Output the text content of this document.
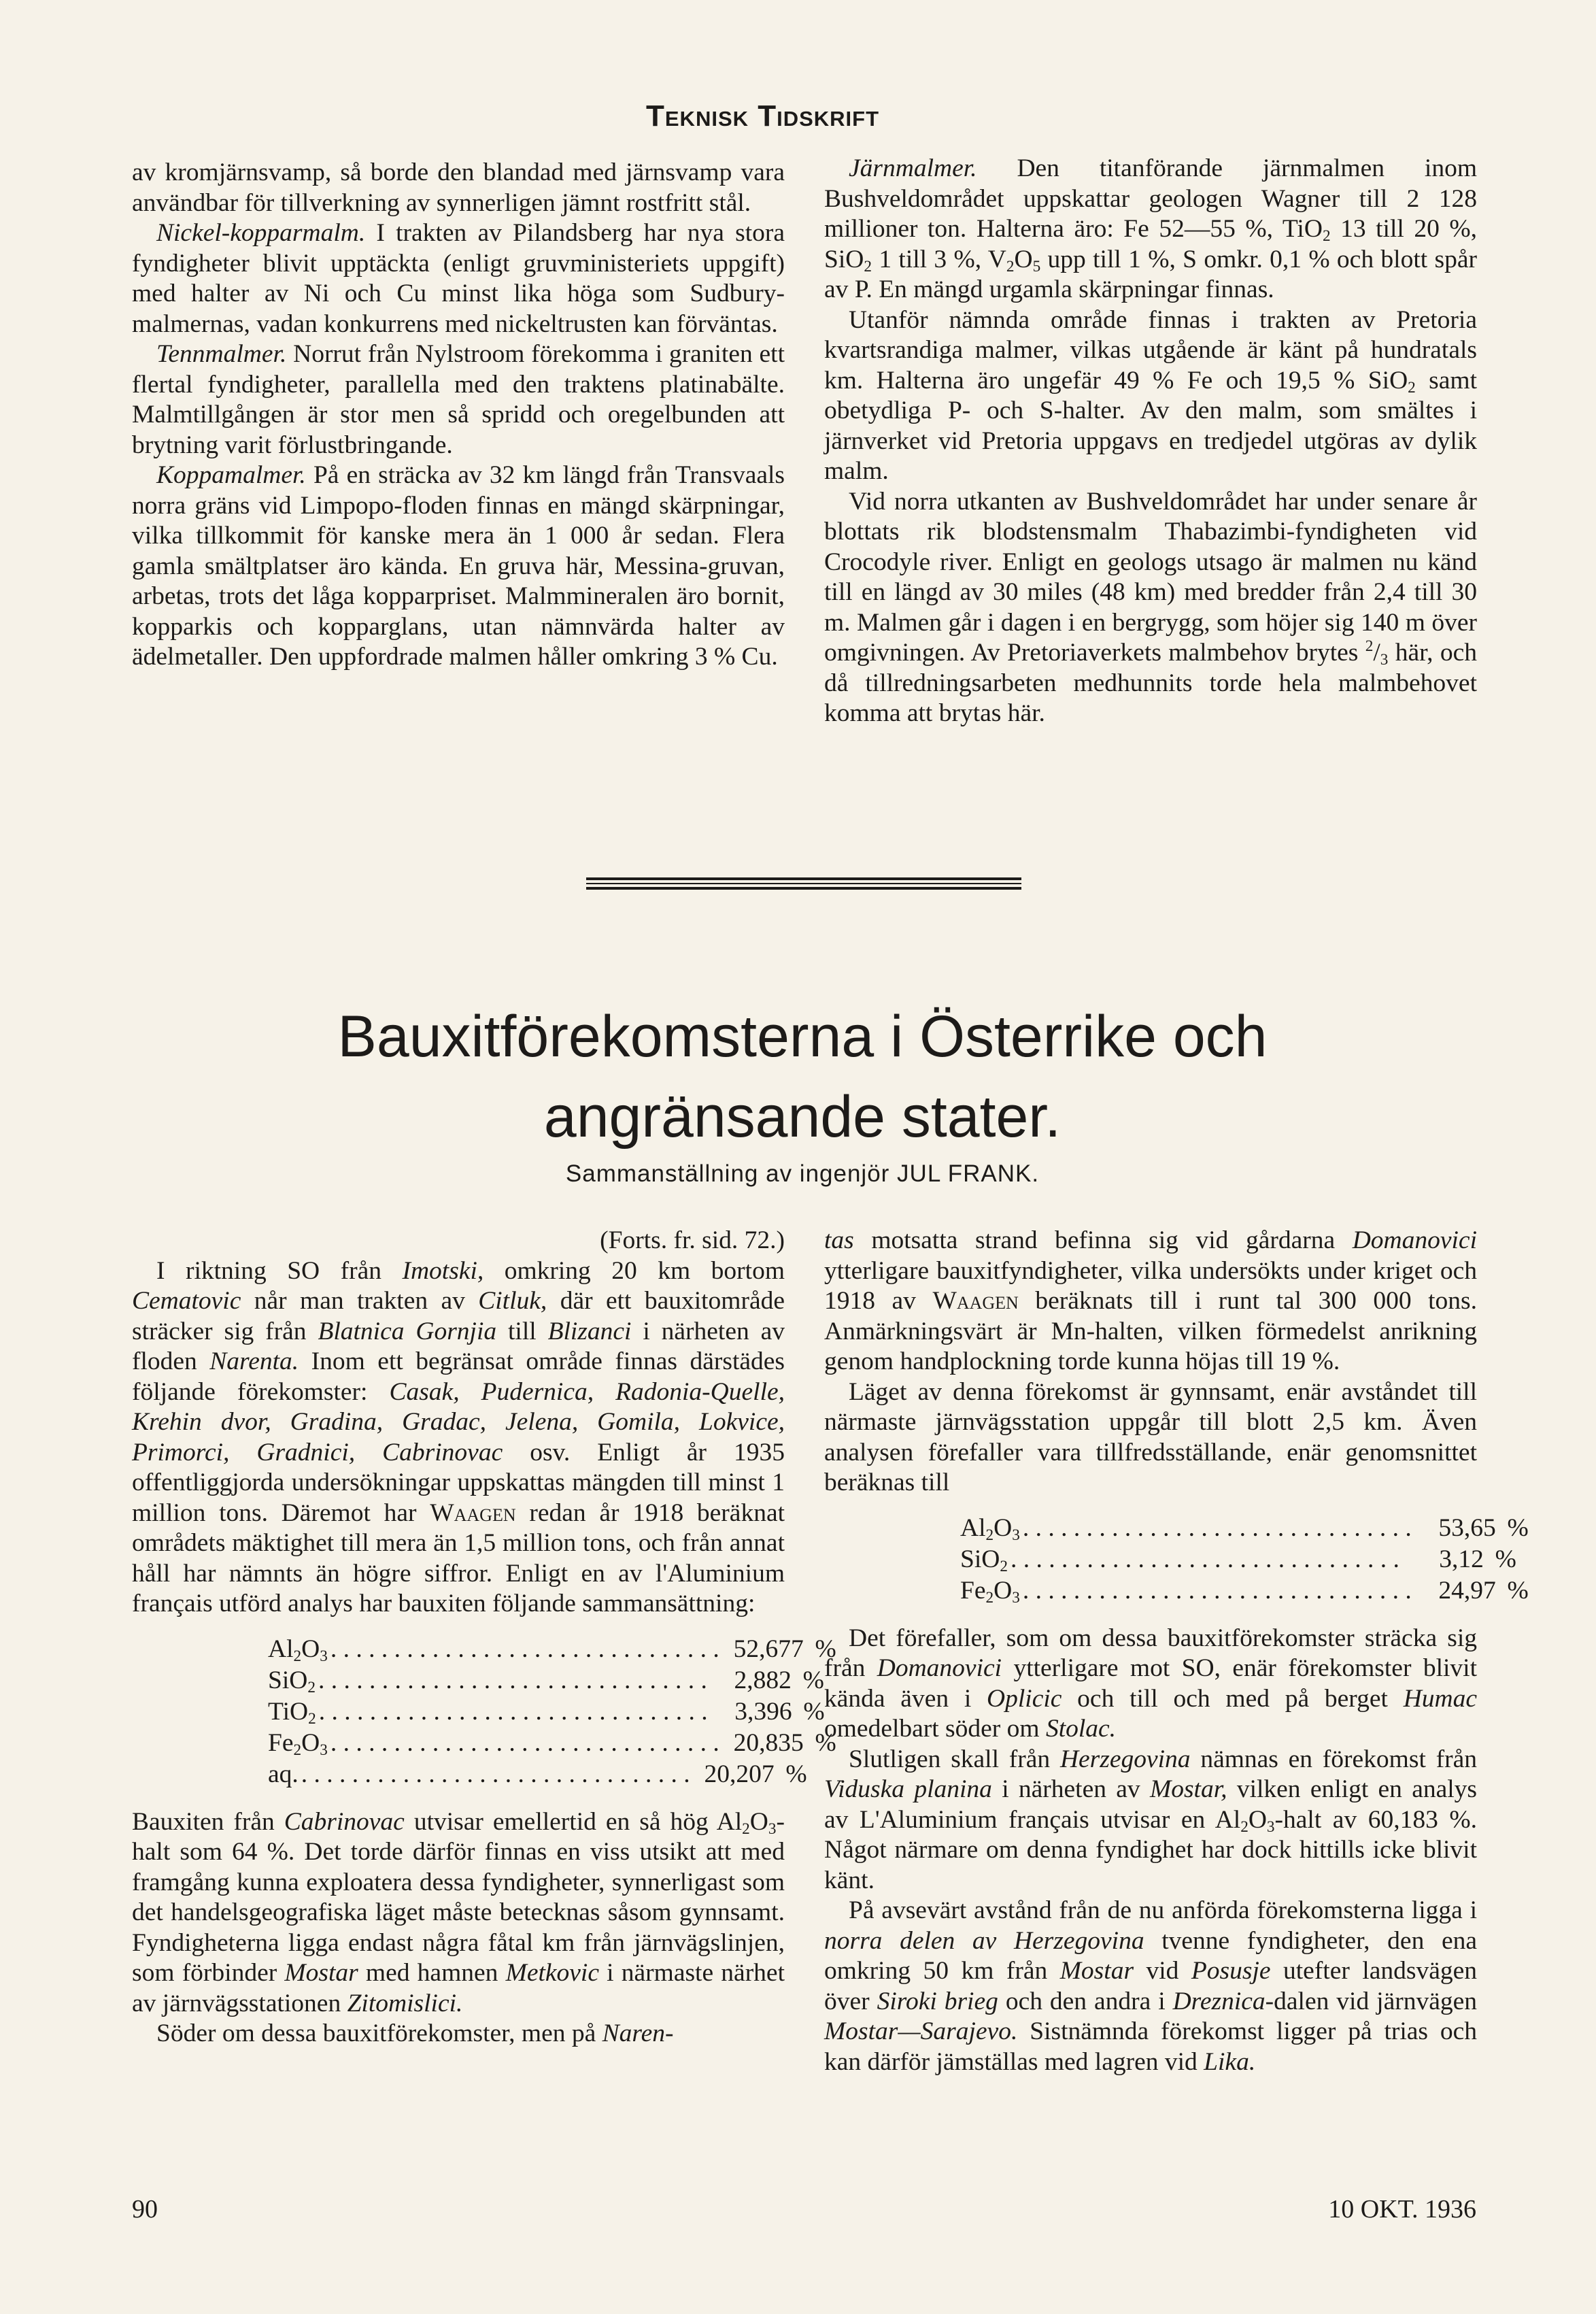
Teknisk Tidskrift

av kromjärnsvamp, så borde den blandad med järnsvamp vara användbar för tillverkning av synnerligen jämnt rostfritt stål.

Nickel-kopparmalm. I trakten av Pilandsberg har nya stora fyndigheter blivit upptäckta (enligt gruvministeriets uppgift) med halter av Ni och Cu minst lika höga som Sudbury-malmernas, vadan konkurrens med nickeltrusten kan förväntas.

Tennmalmer. Norrut från Nylstroom förekomma i graniten ett flertal fyndigheter, parallella med den traktens platinabälte. Malmtillgången är stor men så spridd och oregelbunden att brytning varit förlustbringande.

Koppamalmer. På en sträcka av 32 km längd från Transvaals norra gräns vid Limpopo-floden finnas en mängd skärpningar, vilka tillkommit för kanske mera än 1 000 år sedan. Flera gamla smältplatser äro kända. En gruva här, Messina-gruvan, arbetas, trots det låga kopparpriset. Malmmineralen äro bornit, kopparkis och kopparglans, utan nämnvärda halter av ädelmetaller. Den uppfordrade malmen håller omkring 3 % Cu.

Järnmalmer. Den titanförande järnmalmen inom Bushveldområdet uppskattar geologen Wagner till 2 128 millioner ton. Halterna äro: Fe 52—55 %, TiO$_2$ 13 till 20 %, SiO$_2$ 1 till 3 %, $V_2O_5$ upp till 1 %, S omkr. 0,1 % och blott spår av P. En mängd urgamla skärpningar finnas.

Utanför nämnda område finnas i trakten av Pretoria kvartsrandiga malmer, vilkas utgående är känt på hundratals km. Halterna äro ungefär 49 % Fe och 19,5 % SiO$_2$ samt obetydliga P- och S-halter. Av den malm, som smältes i järnverket vid Pretoria uppgavs en tredjedel utgöras av dylik malm.

Vid norra utkanten av Bushveldområdet har under senare år blottats rik blodstensmalm Thabazimbi-fyndigheten vid Crocodyle river. Enligt en geologs utsago är malmen nu känd till en längd av 30 miles (48 km) med bredder från 2,4 till 30 m. Malmen går i dagen i en bergrygg, som höjer sig 140 m över omgivningen. Av Pretoriaverkets malmbehov brytes $^2/_3$ här, och då tillredningsarbeten medhunnits torde hela malmbehovet komma att brytas här.

Bauxitförekomsterna i Österrike och
angränsande stater.
Sammanställning av ingenjör JUL FRANK.

(Forts. fr. sid. 72.)

I riktning SO från Imotski, omkring 20 km bortom Cematovic når man trakten av Citluk, där ett bauxitområde sträcker sig från Blatnica Gornjia till Blizanci i närheten av floden Narenta. Inom ett begränsat område finnas därstädes följande förekomster: Casak, Pudernica, Radonia-Quelle, Krehin dvor, Gradina, Gradac, Jelena, Gomila, Lokvice, Primorci, Gradnici, Cabrinovac osv. Enligt år 1935 offentliggjorda undersökningar uppskattas mängden till minst 1 million tons. Däremot har Waagen redan år 1918 beräknat områdets mäktighet till mera än 1,5 million tons, och från annat håll har nämnts än högre siffror. Enligt en av l'Aluminium français utförd analys har bauxiten följande sammansättning:

$Al_2O_3$ . . . . . . . . . . . . . . . . . . . . . . . . . . . . . . . 52,677 %
SiO$_2$ . . . . . . . . . . . . . . . . . . . . . . . . . . . . . . .	2,882 %
TiO$_2$ . . . . . . . . . . . . . . . . . . . . . . . . . . . . . . .	3,396 %
$Fe_2O_3$ . . . . . . . . . . . . . . . . . . . . . . . . . . . . . . . 20,835 %
aq. . . . . . . . . . . . . . . . . . . . . . . . . . . . . . . . 20,207 %

Bauxiten från Cabrinovac utvisar emellertid en så hög $Al_2O_3$-halt som 64 %. Det torde därför finnas en viss utsikt att med framgång kunna exploatera dessa fyndigheter, synnerligast som det handelsgeografiska läget måste betecknas såsom gynnsamt. Fyndigheterna ligga endast några fåtal km från järnvägslinjen, som förbinder Mostar med hamnen Metkovic i närmaste närhet av järnvägsstationen Zitomislici.

Söder om dessa bauxitförekomster, men på Naren-

tas motsatta strand befinna sig vid gårdarna Domanovici ytterligare bauxitfyndigheter, vilka undersökts under kriget och 1918 av Waagen beräknats till i runt tal 300 000 tons. Anmärkningsvärt är Mn-halten, vilken förmedelst anrikning genom handplockning torde kunna höjas till 19 %.

Läget av denna förekomst är gynnsamt, enär avståndet till närmaste järnvägsstation uppgår till blott 2,5 km. Även analysen förefaller vara tillfredsställande, enär genomsnittet beräknas till

$Al_2O_3$ . . . . . . . . . . . . . . . . . . . . . . . . . . . . . . .	53,65 %
SiO$_2$ . . . . . . . . . . . . . . . . . . . . . . . . . . . . . . .	3,12 %
$Fe_2O_3$ . . . . . . . . . . . . . . . . . . . . . . . . . . . . . . .	24,97 %

Det förefaller, som om dessa bauxitförekomster sträcka sig från Domanovici ytterligare mot SO, enär förekomster blivit kända även i Oplicic och till och med på berget Humac omedelbart söder om Stolac.

Slutligen skall från Herzegovina nämnas en förekomst från Viduska planina i närheten av Mostar, vilken enligt en analys av L'Aluminium français utvisar en $Al_2O_3$-halt av 60,183 %. Något närmare om denna fyndighet har dock hittills icke blivit känt.

På avsevärt avstånd från de nu anförda förekomsterna ligga i norra delen av Herzegovina tvenne fyndigheter, den ena omkring 50 km från Mostar vid Posusje utefter landsvägen över Siroki brieg och den andra i Dreznica-dalen vid järnvägen Mostar—Sarajevo. Sistnämnda förekomst ligger på trias och kan därför jämställas med lagren vid Lika.

90	10 OKT. 1936
